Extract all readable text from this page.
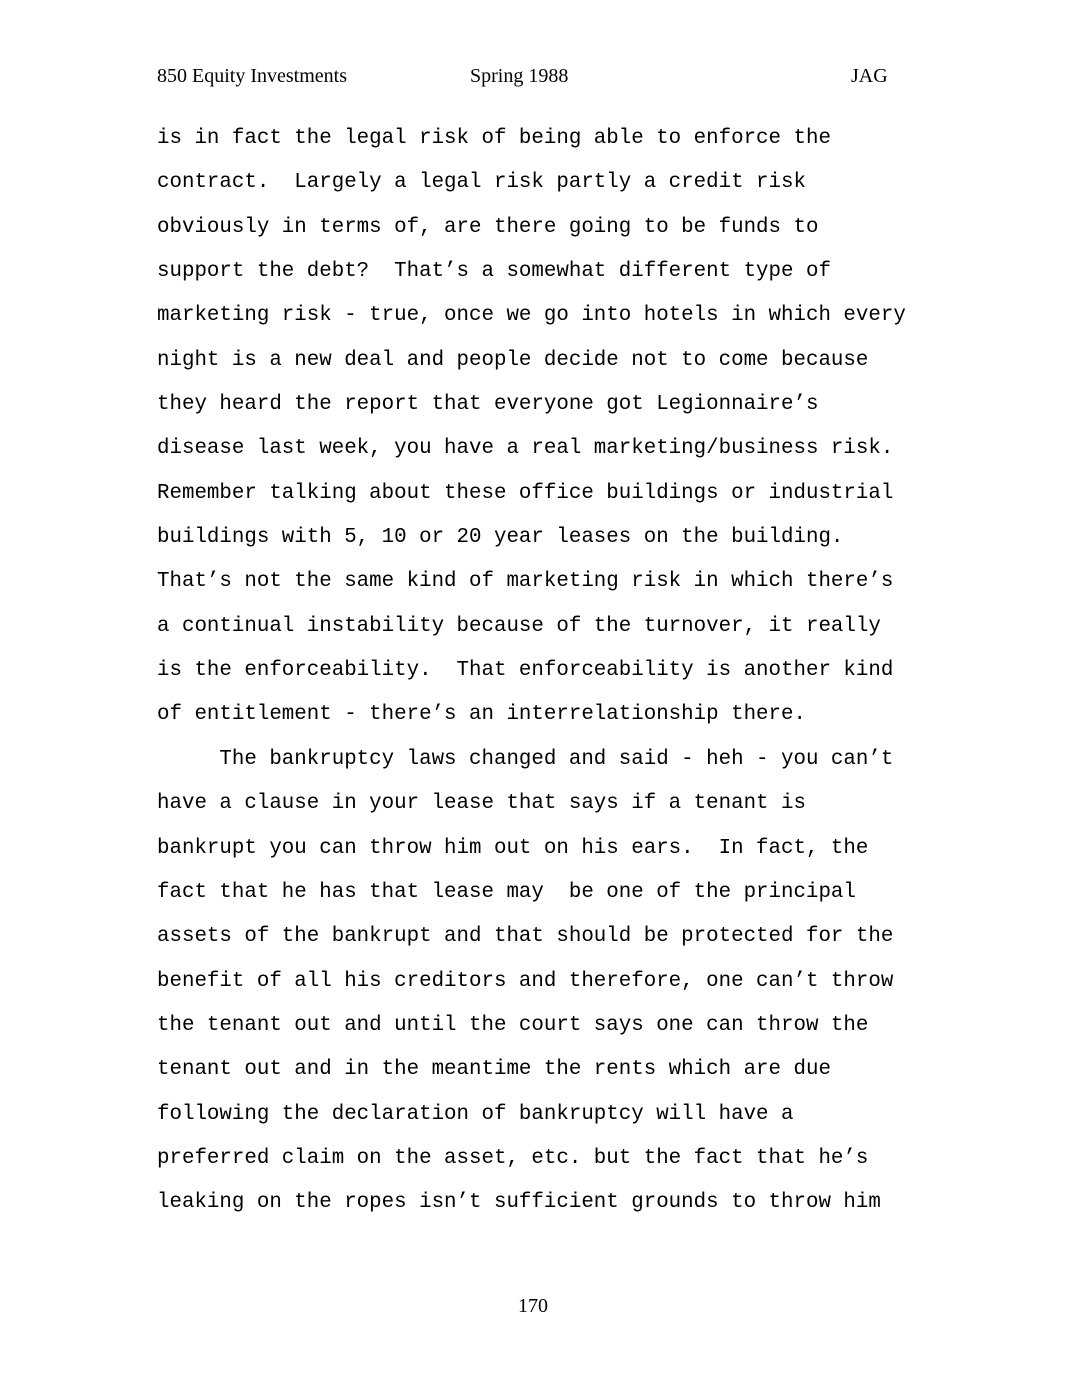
850 Equity Investments	Spring 1988	JAG
is in fact the legal risk of being able to enforce the
contract.  Largely a legal risk partly a credit risk
obviously in terms of, are there going to be funds to
support the debt?  That’s a somewhat different type of
marketing risk - true, once we go into hotels in which every
night is a new deal and people decide not to come because
they heard the report that everyone got Legionnaire’s
disease last week, you have a real marketing/business risk.
Remember talking about these office buildings or industrial
buildings with 5, 10 or 20 year leases on the building.
That’s not the same kind of marketing risk in which there’s
a continual instability because of the turnover, it really
is the enforceability.  That enforceability is another kind
of entitlement - there’s an interrelationship there.
The bankruptcy laws changed and said - heh - you can’t
have a clause in your lease that says if a tenant is
bankrupt you can throw him out on his ears.  In fact, the
fact that he has that lease may  be one of the principal
assets of the bankrupt and that should be protected for the
benefit of all his creditors and therefore, one can’t throw
the tenant out and until the court says one can throw the
tenant out and in the meantime the rents which are due
following the declaration of bankruptcy will have a
preferred claim on the asset, etc. but the fact that he’s
leaking on the ropes isn’t sufficient grounds to throw him
170
